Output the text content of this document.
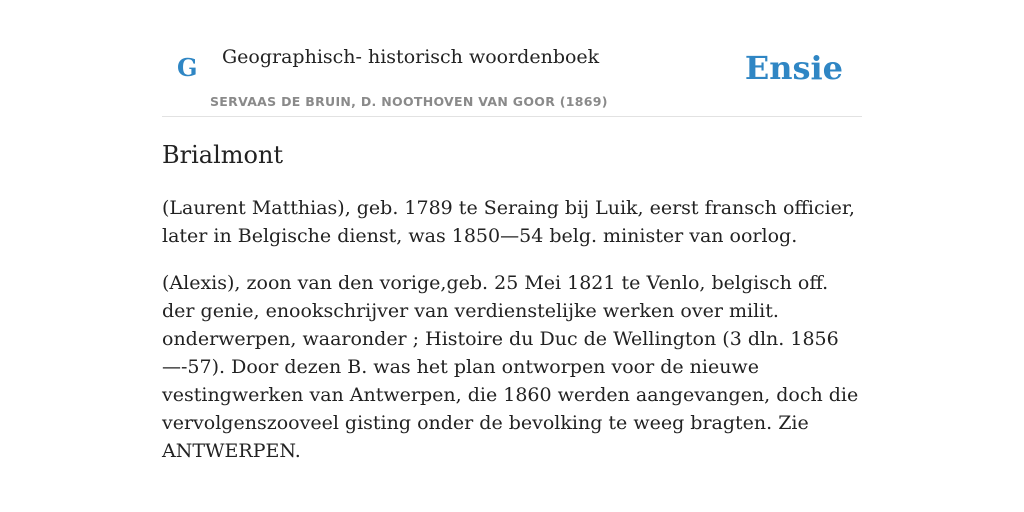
G Geographisch- historisch woordenboek
SERVAAS DE BRUIN, D. NOOTHOVEN VAN GOOR (1869)
Ensie
Brialmont

(Laurent Matthias), geb. 1789 te Seraing bij Luik, eerst fransch officier, later in Belgische dienst, was 1850—54 belg. minister van oorlog.

(Alexis), zoon van den vorige,geb. 25 Mei 1821 te Venlo, belgisch off. der genie, enookschrijver van verdienstelijke werken over milit. onderwerpen, waaronder ; Histoire du Duc de Wellington (3 dln. 1856—-57). Door dezen B. was het plan ontworpen voor de nieuwe vestingwerken van Antwerpen, die 1860 werden aangevangen, doch die vervolgenszooveel gisting onder de bevolking te weeg bragten. Zie ANTWERPEN.
